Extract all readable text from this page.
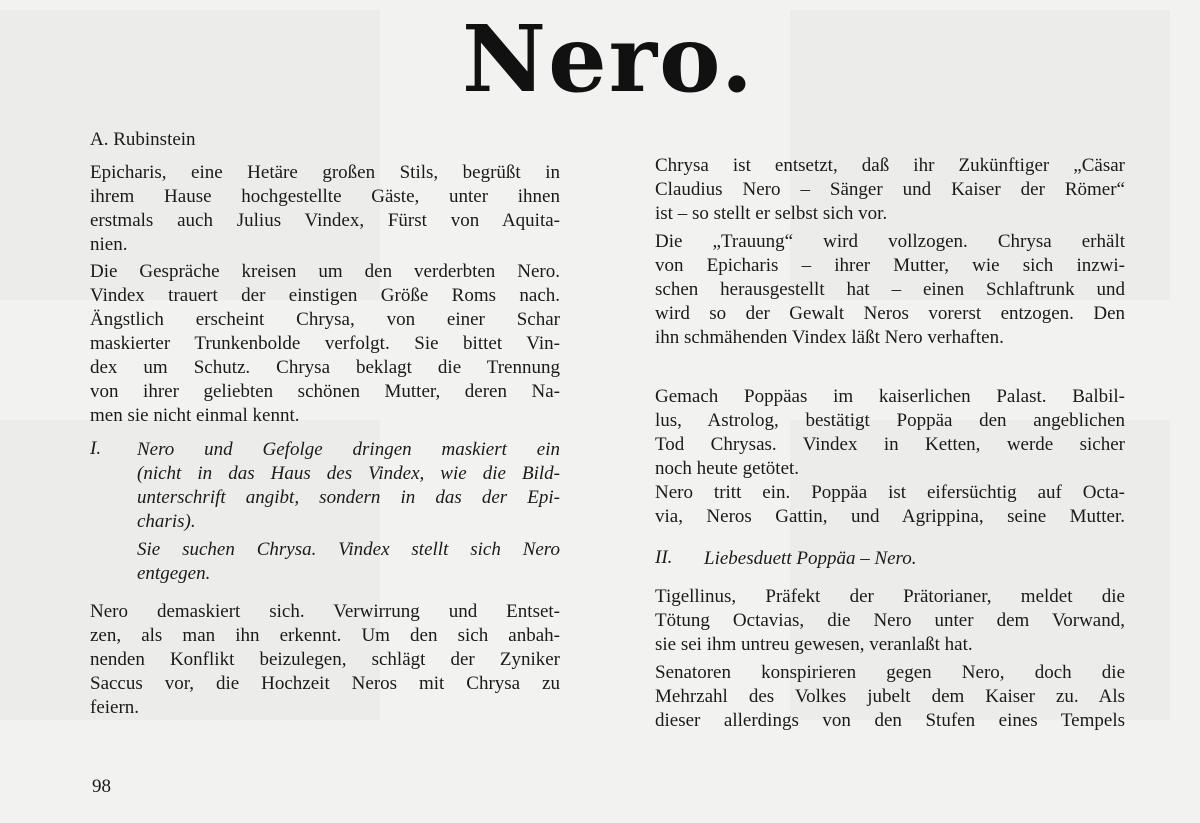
Nero.
A. Rubinstein
Epicharis, eine Hetäre großen Stils, begrüßt in
ihrem Hause hochgestellte Gäste, unter ihnen
erstmals auch Julius Vindex, Fürst von Aquita-
nien.
Die Gespräche kreisen um den verderbten Nero.
Vindex trauert der einstigen Größe Roms nach.
Ängstlich erscheint Chrysa, von einer Schar
maskierter Trunkenbolde verfolgt. Sie bittet Vin-
dex um Schutz. Chrysa beklagt die Trennung
von ihrer geliebten schönen Mutter, deren Na-
men sie nicht einmal kennt.
I. Nero und Gefolge dringen maskiert ein
(nicht in das Haus des Vindex, wie die Bild-
unterschrift angibt, sondern in das der Epi-
charis).
Sie suchen Chrysa. Vindex stellt sich Nero
entgegen.
Nero demaskiert sich. Verwirrung und Entset-
zen, als man ihn erkennt. Um den sich anbah-
nenden Konflikt beizulegen, schlägt der Zyniker
Saccus vor, die Hochzeit Neros mit Chrysa zu
feiern.
Chrysa ist entsetzt, daß ihr Zukünftiger „Cäsar
Claudius Nero – Sänger und Kaiser der Römer“
ist – so stellt er selbst sich vor.
Die „Trauung“ wird vollzogen. Chrysa erhält
von Epicharis – ihrer Mutter, wie sich inzwi-
schen herausgestellt hat – einen Schlaftrunk und
wird so der Gewalt Neros vorerst entzogen. Den
ihn schmähenden Vindex läßt Nero verhaften.
Gemach Poppäas im kaiserlichen Palast. Balbil-
lus, Astrolog, bestätigt Poppäa den angeblichen
Tod Chrysas. Vindex in Ketten, werde sicher
noch heute getötet.
Nero tritt ein. Poppäa ist eifersüchtig auf Octa-
via, Neros Gattin, und Agrippina, seine Mutter.
II. Liebesduett Poppäa – Nero.
Tigellinus, Präfekt der Prätorianer, meldet die
Tötung Octavias, die Nero unter dem Vorwand,
sie sei ihm untreu gewesen, veranlaßt hat.
Senatoren konspirieren gegen Nero, doch die
Mehrzahl des Volkes jubelt dem Kaiser zu. Als
dieser allerdings von den Stufen eines Tempels
98
